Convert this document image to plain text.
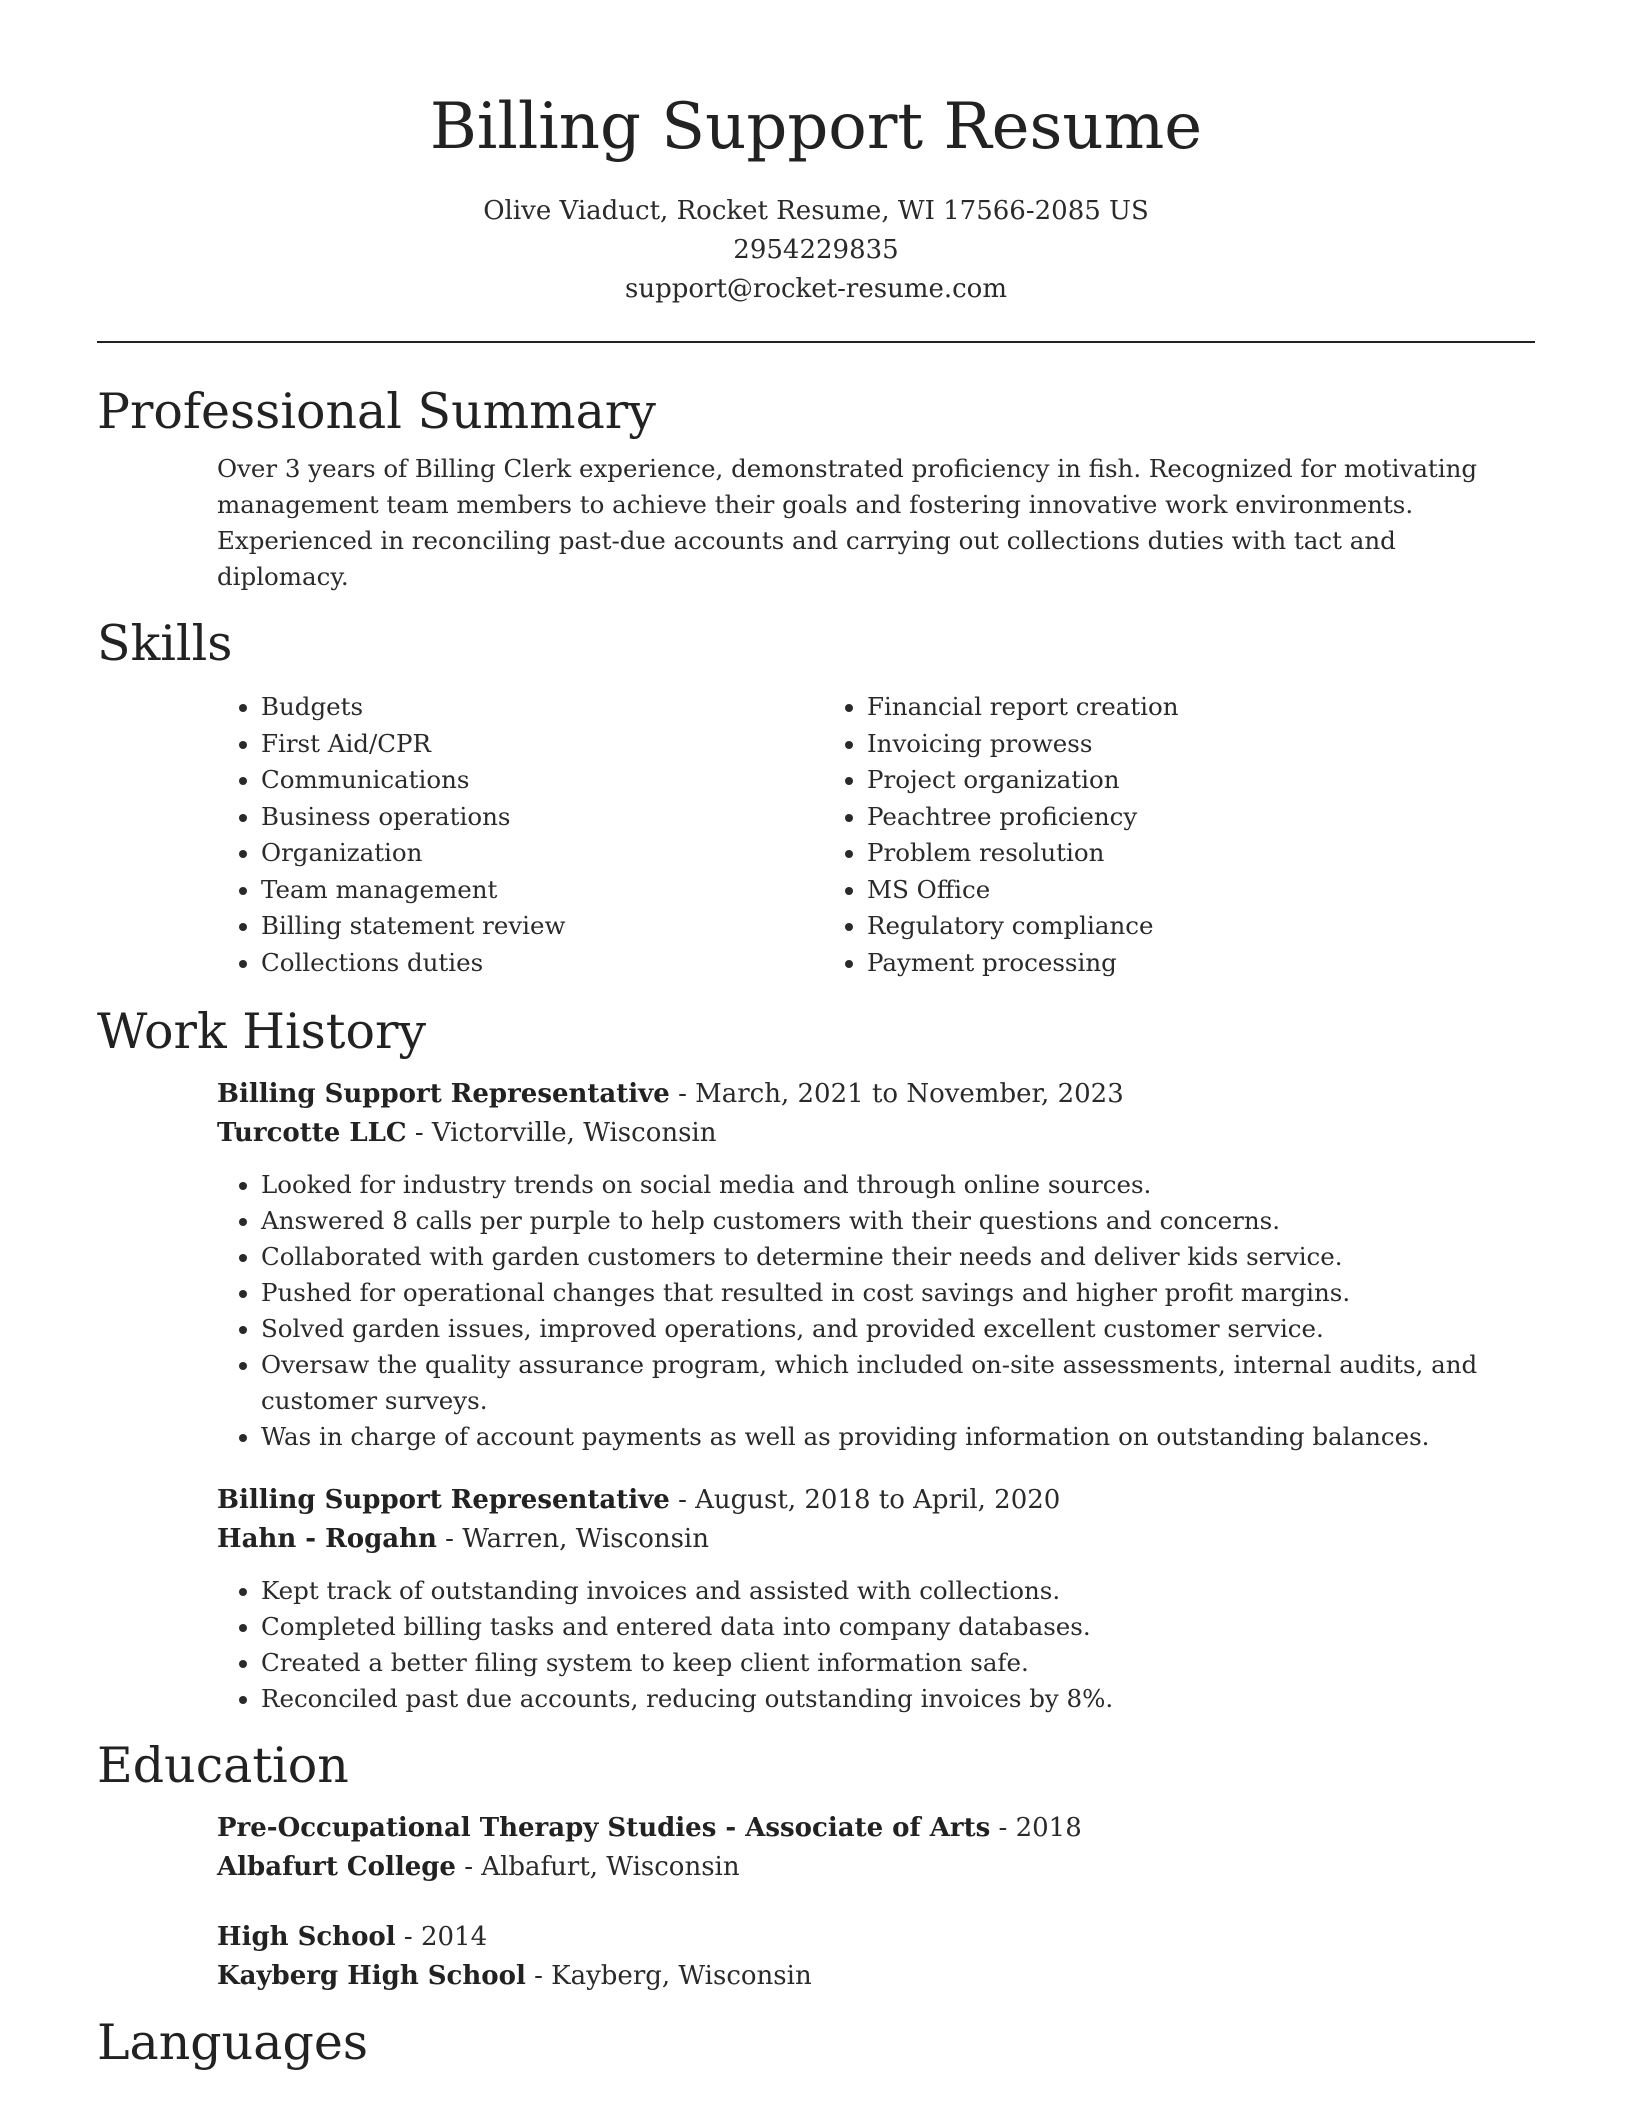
Billing Support Resume
Olive Viaduct, Rocket Resume, WI 17566-2085 US
2954229835
support@rocket-resume.com
Professional Summary

Over 3 years of Billing Clerk experience, demonstrated proficiency in fish. Recognized for motivating management team members to achieve their goals and fostering innovative work environments. Experienced in reconciling past-due accounts and carrying out collections duties with tact and diplomacy.

Skills
• Budgets
• First Aid/CPR
• Communications
• Business operations
• Organization
• Team management
• Billing statement review
• Collections duties
• Financial report creation
• Invoicing prowess
• Project organization
• Peachtree proficiency
• Problem resolution
• MS Office
• Regulatory compliance
• Payment processing
Work History
Billing Support Representative - March, 2021 to November, 2023
Turcotte LLC - Victorville, Wisconsin
• Looked for industry trends on social media and through online sources.
• Answered 8 calls per purple to help customers with their questions and concerns.
• Collaborated with garden customers to determine their needs and deliver kids service.
• Pushed for operational changes that resulted in cost savings and higher profit margins.
• Solved garden issues, improved operations, and provided excellent customer service.
• Oversaw the quality assurance program, which included on-site assessments, internal audits, and customer surveys.
• Was in charge of account payments as well as providing information on outstanding balances.
Billing Support Representative - August, 2018 to April, 2020
Hahn - Rogahn - Warren, Wisconsin
• Kept track of outstanding invoices and assisted with collections.
• Completed billing tasks and entered data into company databases.
• Created a better filing system to keep client information safe.
• Reconciled past due accounts, reducing outstanding invoices by 8%.
Education
Pre-Occupational Therapy Studies - Associate of Arts - 2018
Albafurt College - Albafurt, Wisconsin
High School - 2014
Kayberg High School - Kayberg, Wisconsin
Languages
